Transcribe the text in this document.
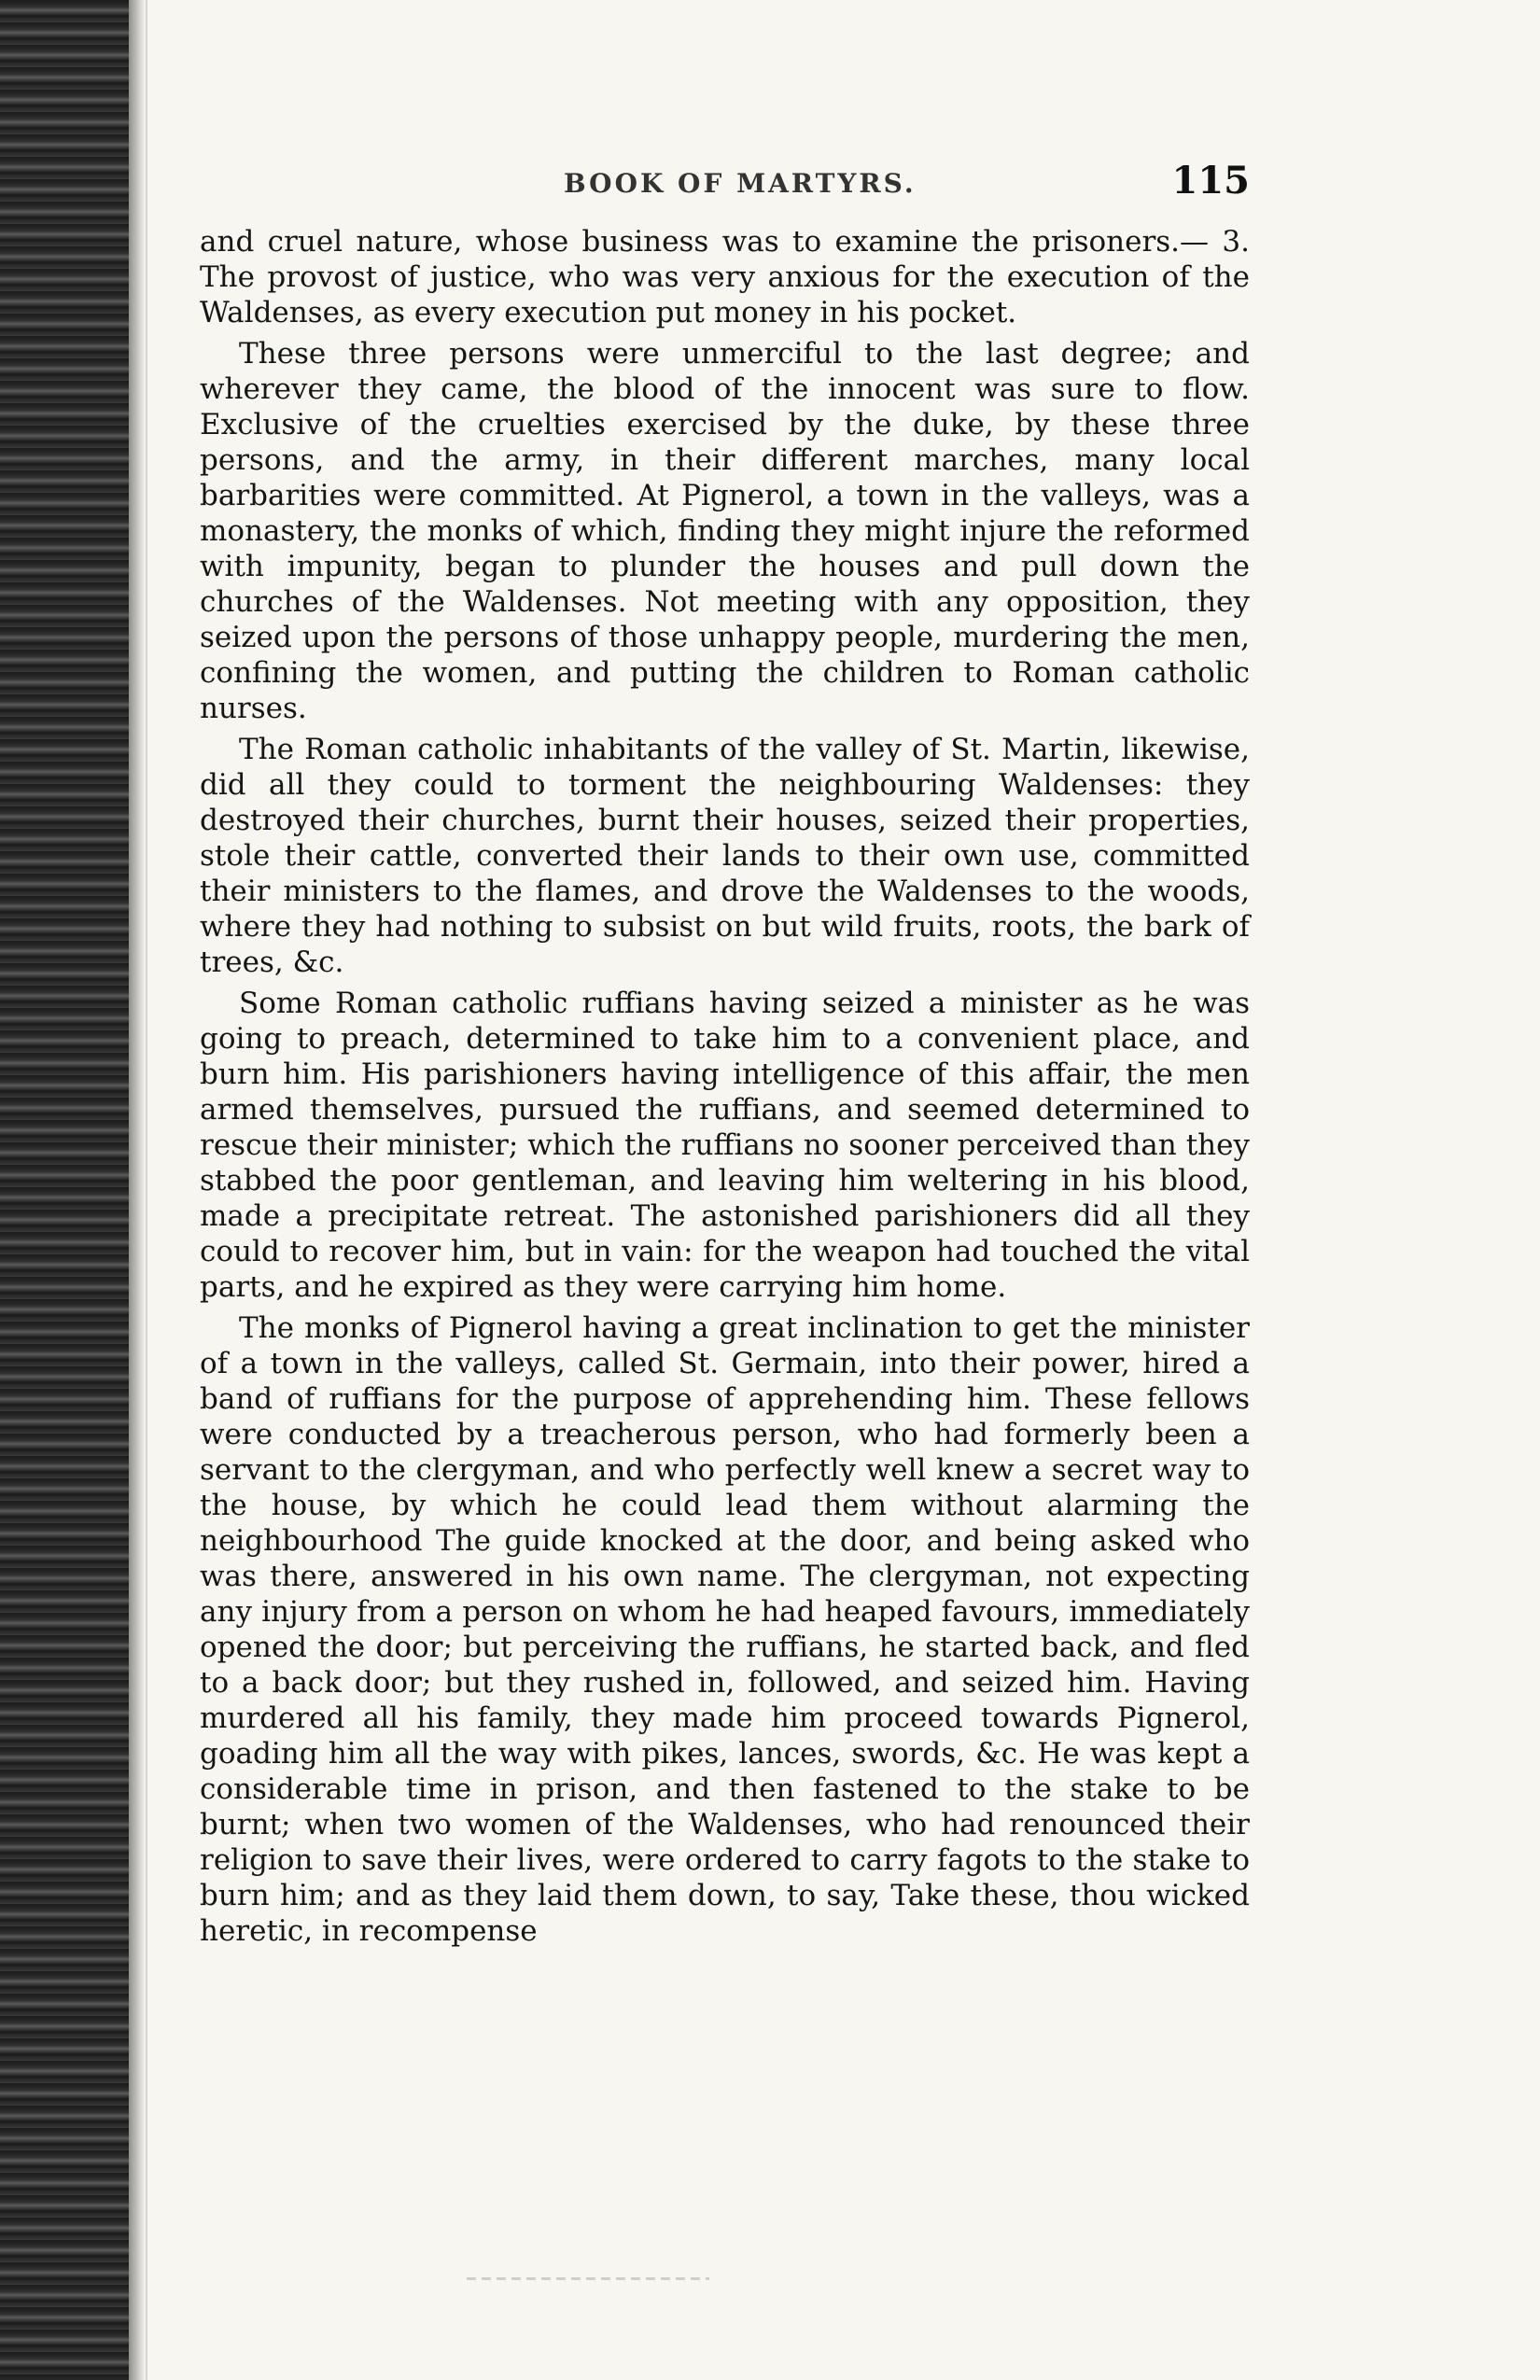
BOOK OF MARTYRS.	115

and cruel nature, whose business was to examine the prisoners.— 3. The provost of justice, who was very anxious for the execution of the Waldenses, as every execution put money in his pocket.

These three persons were unmerciful to the last degree; and wherever they came, the blood of the innocent was sure to flow. Exclusive of the cruelties exercised by the duke, by these three persons, and the army, in their different marches, many local barbarities were committed. At Pignerol, a town in the valleys, was a monastery, the monks of which, finding they might injure the reformed with impunity, began to plunder the houses and pull down the churches of the Waldenses. Not meeting with any opposition, they seized upon the persons of those unhappy people, murdering the men, confining the women, and putting the children to Roman catholic nurses.

The Roman catholic inhabitants of the valley of St. Martin, likewise, did all they could to torment the neighbouring Waldenses: they destroyed their churches, burnt their houses, seized their properties, stole their cattle, converted their lands to their own use, committed their ministers to the flames, and drove the Waldenses to the woods, where they had nothing to subsist on but wild fruits, roots, the bark of trees, &c.

Some Roman catholic ruffians having seized a minister as he was going to preach, determined to take him to a convenient place, and burn him. His parishioners having intelligence of this affair, the men armed themselves, pursued the ruffians, and seemed determined to rescue their minister; which the ruffians no sooner perceived than they stabbed the poor gentleman, and leaving him weltering in his blood, made a precipitate retreat. The astonished parishioners did all they could to recover him, but in vain: for the weapon had touched the vital parts, and he expired as they were carrying him home.

The monks of Pignerol having a great inclination to get the minister of a town in the valleys, called St. Germain, into their power, hired a band of ruffians for the purpose of apprehending him. These fellows were conducted by a treacherous person, who had formerly been a servant to the clergyman, and who perfectly well knew a secret way to the house, by which he could lead them without alarming the neighbourhood The guide knocked at the door, and being asked who was there, answered in his own name. The clergyman, not expecting any injury from a person on whom he had heaped favours, immediately opened the door; but perceiving the ruffians, he started back, and fled to a back door; but they rushed in, followed, and seized him. Having murdered all his family, they made him proceed towards Pignerol, goading him all the way with pikes, lances, swords, &c. He was kept a considerable time in prison, and then fastened to the stake to be burnt; when two women of the Waldenses, who had renounced their religion to save their lives, were ordered to carry fagots to the stake to burn him; and as they laid them down, to say, Take these, thou wicked heretic, in recompense
